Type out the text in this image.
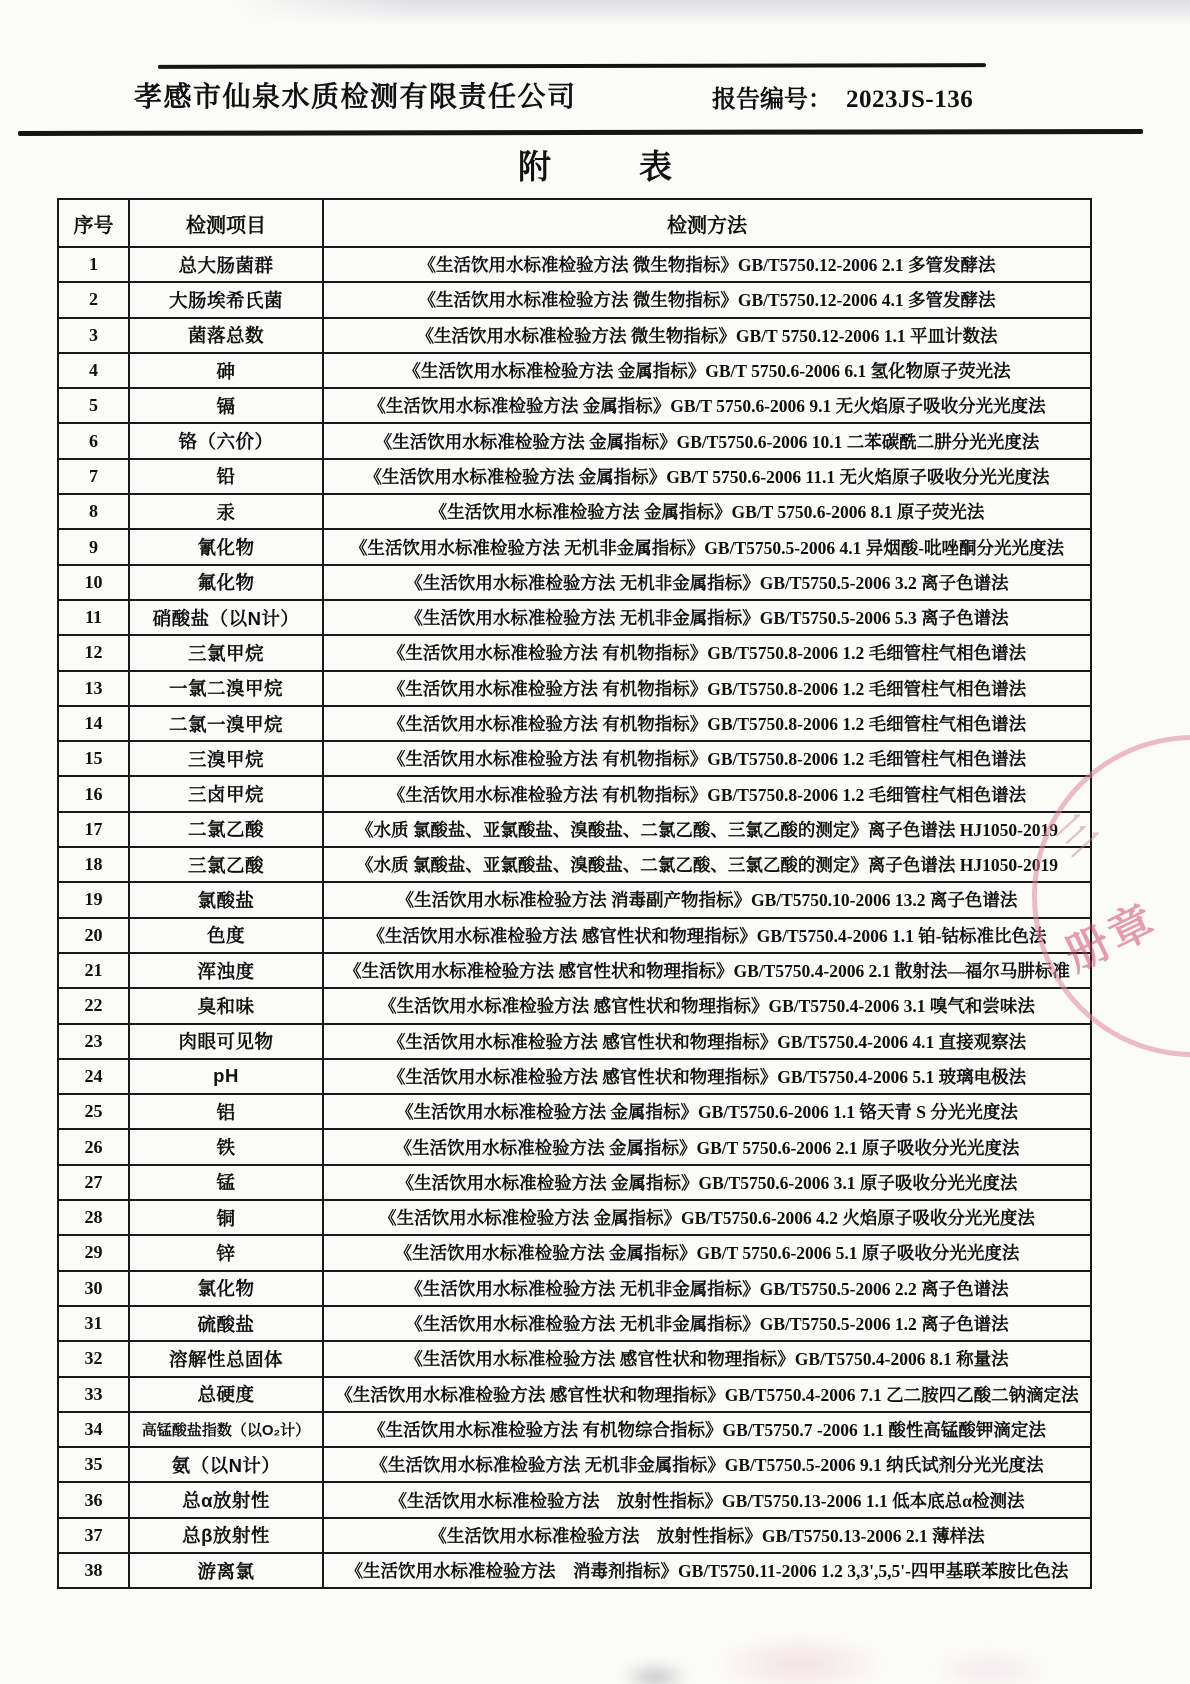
孝感市仙泉水质检测有限责任公司	报告编号： 2023JS-136
附	表
序号	检测项目	检测方法
1	总大肠菌群	《生活饮用水标准检验方法 微生物指标》GB/T5750.12-2006 2.1 多管发酵法
2	大肠埃希氏菌	《生活饮用水标准检验方法 微生物指标》GB/T5750.12-2006 4.1 多管发酵法
3	菌落总数	《生活饮用水标准检验方法 微生物指标》GB/T 5750.12-2006 1.1 平皿计数法
4	砷	《生活饮用水标准检验方法 金属指标》GB/T 5750.6-2006 6.1 氢化物原子荧光法
5	镉	《生活饮用水标准检验方法 金属指标》GB/T 5750.6-2006 9.1 无火焰原子吸收分光光度法
6	铬（六价）	《生活饮用水标准检验方法 金属指标》GB/T5750.6-2006 10.1 二苯碳酰二肼分光光度法
7	铅	《生活饮用水标准检验方法 金属指标》GB/T 5750.6-2006 11.1 无火焰原子吸收分光光度法
8	汞	《生活饮用水标准检验方法 金属指标》GB/T 5750.6-2006 8.1 原子荧光法
9	氰化物	《生活饮用水标准检验方法 无机非金属指标》GB/T5750.5-2006 4.1 异烟酸-吡唑酮分光光度法
10	氟化物	《生活饮用水标准检验方法 无机非金属指标》GB/T5750.5-2006 3.2 离子色谱法
11	硝酸盐（以N计）	《生活饮用水标准检验方法 无机非金属指标》GB/T5750.5-2006 5.3 离子色谱法
12	三氯甲烷	《生活饮用水标准检验方法 有机物指标》GB/T5750.8-2006 1.2 毛细管柱气相色谱法
13	一氯二溴甲烷	《生活饮用水标准检验方法 有机物指标》GB/T5750.8-2006 1.2 毛细管柱气相色谱法
14	二氯一溴甲烷	《生活饮用水标准检验方法 有机物指标》GB/T5750.8-2006 1.2 毛细管柱气相色谱法
15	三溴甲烷	《生活饮用水标准检验方法 有机物指标》GB/T5750.8-2006 1.2 毛细管柱气相色谱法
16	三卤甲烷	《生活饮用水标准检验方法 有机物指标》GB/T5750.8-2006 1.2 毛细管柱气相色谱法
17	二氯乙酸	《水质 氯酸盐、亚氯酸盐、溴酸盐、二氯乙酸、三氯乙酸的测定》离子色谱法 HJ1050-2019
18	三氯乙酸	《水质 氯酸盐、亚氯酸盐、溴酸盐、二氯乙酸、三氯乙酸的测定》离子色谱法 HJ1050-2019
19	氯酸盐	《生活饮用水标准检验方法 消毒副产物指标》GB/T5750.10-2006 13.2 离子色谱法
20	色度	《生活饮用水标准检验方法 感官性状和物理指标》GB/T5750.4-2006 1.1 铂-钴标准比色法
21	浑浊度	《生活饮用水标准检验方法 感官性状和物理指标》GB/T5750.4-2006 2.1 散射法—福尔马肼标准
22	臭和味	《生活饮用水标准检验方法 感官性状和物理指标》GB/T5750.4-2006 3.1 嗅气和尝味法
23	肉眼可见物	《生活饮用水标准检验方法 感官性状和物理指标》GB/T5750.4-2006 4.1 直接观察法
24	pH	《生活饮用水标准检验方法 感官性状和物理指标》GB/T5750.4-2006 5.1 玻璃电极法
25	铝	《生活饮用水标准检验方法 金属指标》GB/T5750.6-2006 1.1 铬天青 S 分光光度法
26	铁	《生活饮用水标准检验方法 金属指标》GB/T 5750.6-2006 2.1 原子吸收分光光度法
27	锰	《生活饮用水标准检验方法 金属指标》GB/T5750.6-2006 3.1 原子吸收分光光度法
28	铜	《生活饮用水标准检验方法 金属指标》GB/T5750.6-2006 4.2 火焰原子吸收分光光度法
29	锌	《生活饮用水标准检验方法 金属指标》GB/T 5750.6-2006 5.1 原子吸收分光光度法
30	氯化物	《生活饮用水标准检验方法 无机非金属指标》GB/T5750.5-2006 2.2 离子色谱法
31	硫酸盐	《生活饮用水标准检验方法 无机非金属指标》GB/T5750.5-2006 1.2 离子色谱法
32	溶解性总固体	《生活饮用水标准检验方法 感官性状和物理指标》GB/T5750.4-2006 8.1 称量法
33	总硬度	《生活饮用水标准检验方法 感官性状和物理指标》GB/T5750.4-2006 7.1 乙二胺四乙酸二钠滴定法
34	高锰酸盐指数（以O₂计）	《生活饮用水标准检验方法 有机物综合指标》GB/T5750.7 -2006 1.1 酸性高锰酸钾滴定法
35	氨（以N计）	《生活饮用水标准检验方法 无机非金属指标》GB/T5750.5-2006 9.1 纳氏试剂分光光度法
36	总α放射性	《生活饮用水标准检验方法　放射性指标》GB/T5750.13-2006 1.1 低本底总α检测法
37	总β放射性	《生活饮用水标准检验方法　放射性指标》GB/T5750.13-2006 2.1 薄样法
38	游离氯	《生活饮用水标准检验方法　消毒剂指标》GB/T5750.11-2006 1.2 3,3',5,5'-四甲基联苯胺比色法
三
册章
